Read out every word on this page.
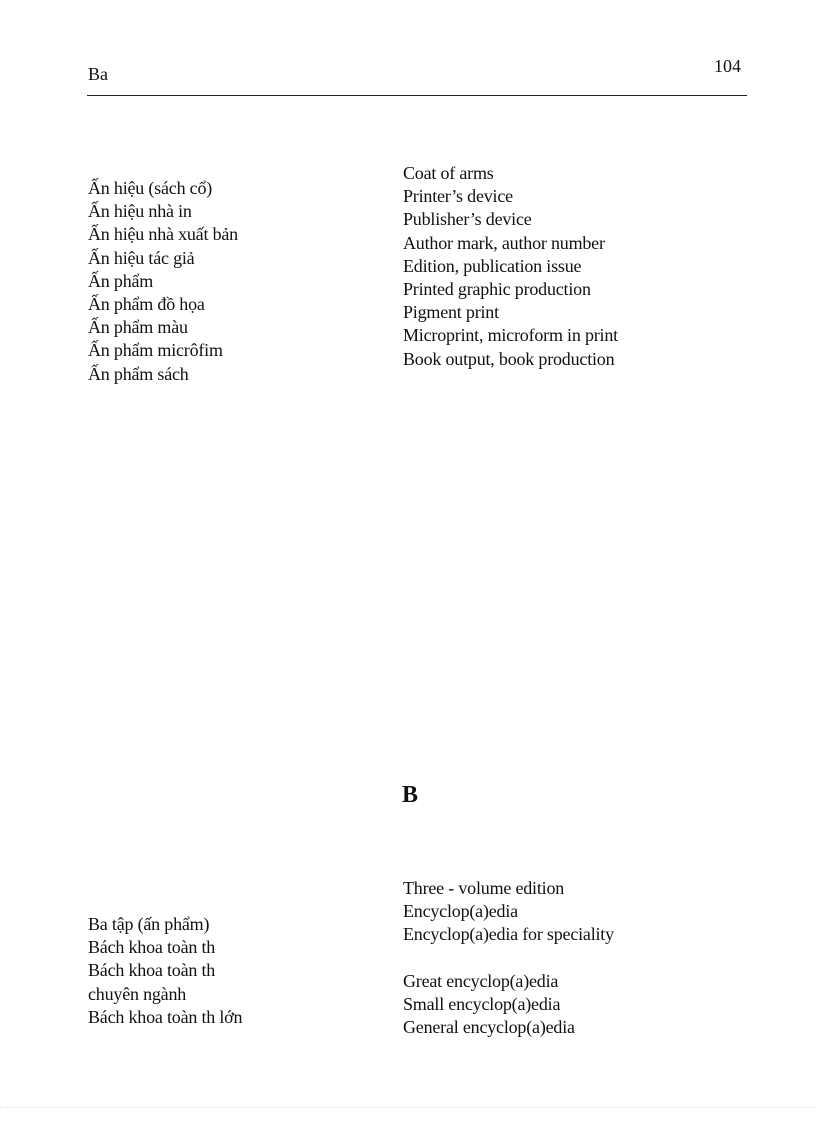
Ba	104
Ấn hiệu (sách cổ)
Ấn hiệu nhà in
Ấn hiệu nhà xuất bản
Ấn hiệu tác giả
Ấn phẩm
Ấn phẩm đồ họa
Ấn phẩm màu
Ấn phẩm micrôfim
Ấn phẩm sách
Coat of arms
Printer’s device
Publisher’s device
Author mark, author number
Edition, publication issue
Printed graphic production
Pigment print
Microprint, microform in print
Book output, book production
B
Ba tập (ấn phẩm)
Bách khoa toàn th
Bách khoa toàn th
chuyên ngành
Bách khoa toàn th lớn
Three - volume edition
Encyclop(a)edia
Encyclop(a)edia for speciality
Great encyclop(a)edia
Small encyclop(a)edia
General encyclop(a)edia
